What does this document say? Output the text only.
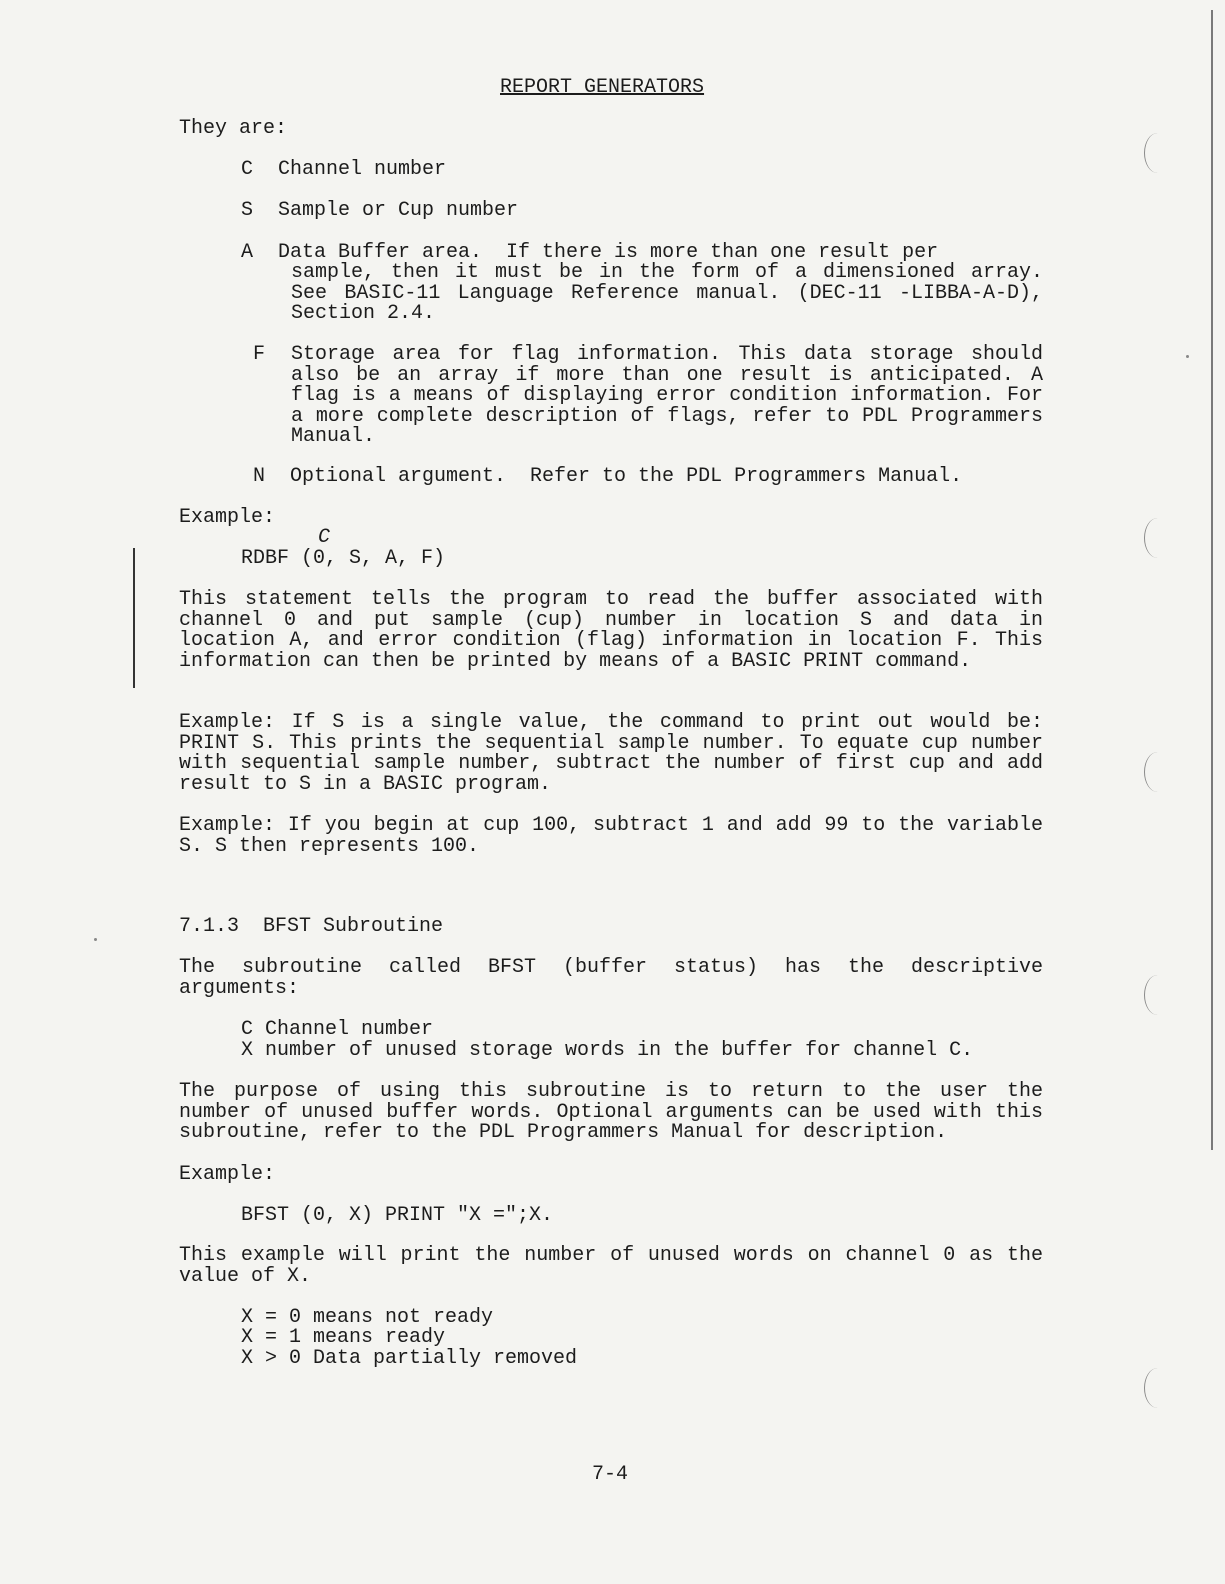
REPORT GENERATORS
They are:
C Channel number
S Sample or Cup number
A Data Buffer area.  If there is more than one result per
sample, then it must be in the form of a dimensioned array. See BASIC-11 Language Reference manual. (DEC-11 -LIBBA-A-D), Section 2.4.
F Storage area for flag information. This data storage should also be an array if more than one result is anticipated. A flag is a means of displaying error condition information. For a more complete description of flags, refer to PDL Programmers Manual.
N Optional argument.  Refer to the PDL Programmers Manual.
Example:
C
RDBF (0, S, A, F)
This statement tells the program to read the buffer associated with channel 0 and put sample (cup) number in location S and data in location A, and error condition (flag) information in location F. This information can then be printed by means of a BASIC PRINT command.
Example: If S is a single value, the command to print out would be: PRINT S. This prints the sequential sample number. To equate cup number with sequential sample number, subtract the number of first cup and add result to S in a BASIC program.
Example: If you begin at cup 100, subtract 1 and add 99 to the variable S. S then represents 100.
7.1.3  BFST Subroutine
The subroutine called BFST (buffer status) has the descriptive arguments:
C Channel number
X number of unused storage words in the buffer for channel C.
The purpose of using this subroutine is to return to the user the number of unused buffer words. Optional arguments can be used with this subroutine, refer to the PDL Programmers Manual for description.
Example:
BFST (0, X) PRINT "X =";X.
This example will print the number of unused words on channel 0 as the value of X.
X = 0 means not ready
X = 1 means ready
X > 0 Data partially removed
7-4
